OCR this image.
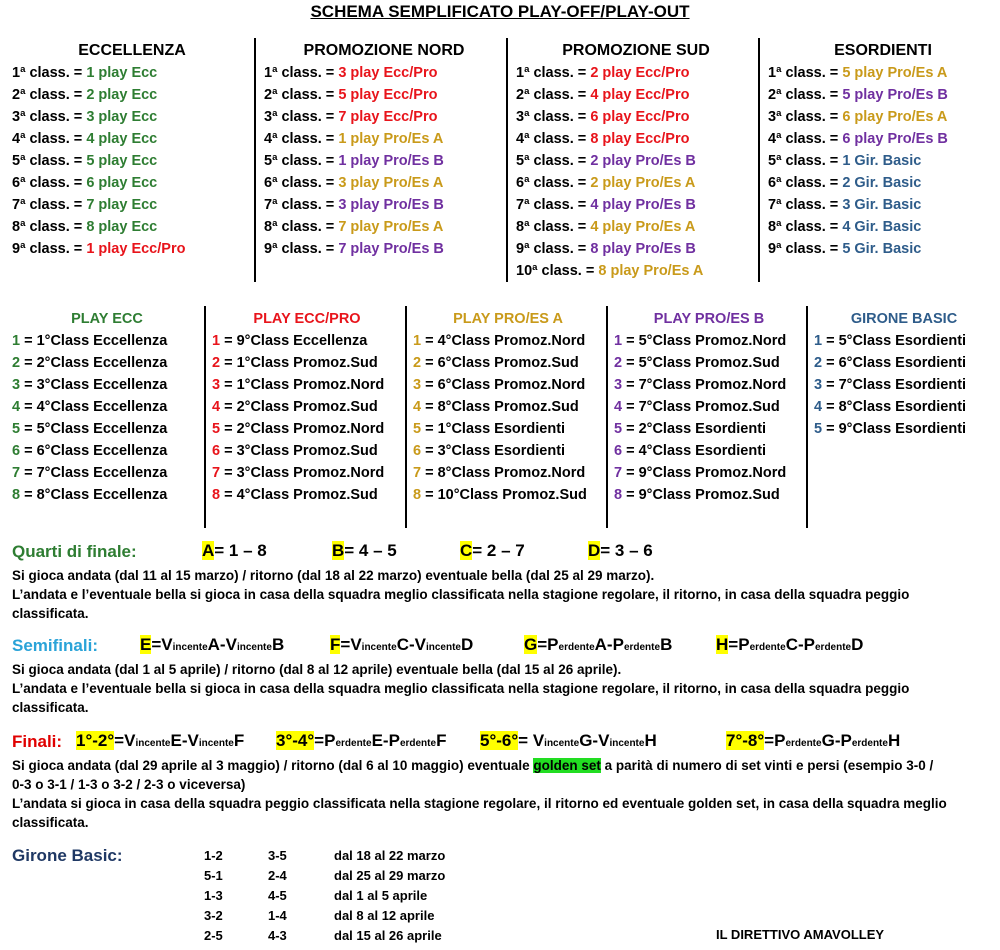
SCHEMA SEMPLIFICATO PLAY-OFF/PLAY-OUT
ECCELLENZA
1ª class. = 1 play Ecc
2ª class. = 2 play Ecc
3ª class. = 3 play Ecc
4ª class. = 4 play Ecc
5ª class. = 5 play Ecc
6ª class. = 6 play Ecc
7ª class. = 7 play Ecc
8ª class. = 8 play Ecc
9ª class. = 1 play Ecc/Pro
PROMOZIONE NORD
1ª class. = 3 play Ecc/Pro
2ª class. = 5 play Ecc/Pro
3ª class. = 7 play Ecc/Pro
4ª class. = 1 play Pro/Es A
5ª class. = 1 play Pro/Es B
6ª class. = 3 play Pro/Es A
7ª class. = 3 play Pro/Es B
8ª class. = 7 play Pro/Es A
9ª class. = 7 play Pro/Es B
PROMOZIONE SUD
1ª class. = 2 play Ecc/Pro
2ª class. = 4 play Ecc/Pro
3ª class. = 6 play Ecc/Pro
4ª class. = 8 play Ecc/Pro
5ª class. = 2 play Pro/Es B
6ª class. = 2 play Pro/Es A
7ª class. = 4 play Pro/Es B
8ª class. = 4 play Pro/Es A
9ª class. = 8 play Pro/Es B
10ª class. = 8 play Pro/Es A
ESORDIENTI
1ª class. = 5 play Pro/Es A
2ª class. = 5 play Pro/Es B
3ª class. = 6 play Pro/Es A
4ª class. = 6 play Pro/Es B
5ª class. = 1 Gir. Basic
6ª class. = 2 Gir. Basic
7ª class. = 3 Gir. Basic
8ª class. = 4 Gir. Basic
9ª class. = 5 Gir. Basic
PLAY ECC
1 = 1°Class Eccellenza
2 = 2°Class Eccellenza
3 = 3°Class Eccellenza
4 = 4°Class Eccellenza
5 = 5°Class Eccellenza
6 = 6°Class Eccellenza
7 = 7°Class Eccellenza
8 = 8°Class Eccellenza
PLAY ECC/PRO
1 = 9°Class Eccellenza
2 = 1°Class Promoz.Sud
3 = 1°Class Promoz.Nord
4 = 2°Class Promoz.Sud
5 = 2°Class Promoz.Nord
6 = 3°Class Promoz.Sud
7 = 3°Class Promoz.Nord
8 = 4°Class Promoz.Sud
PLAY PRO/ES A
1 = 4°Class Promoz.Nord
2 = 6°Class Promoz.Sud
3 = 6°Class Promoz.Nord
4 = 8°Class Promoz.Sud
5 = 1°Class Esordienti
6 = 3°Class Esordienti
7 = 8°Class Promoz.Nord
8 = 10°Class Promoz.Sud
PLAY PRO/ES B
1 = 5°Class Promoz.Nord
2 = 5°Class Promoz.Sud
3 = 7°Class Promoz.Nord
4 = 7°Class Promoz.Sud
5 = 2°Class Esordienti
6 = 4°Class Esordienti
7 = 9°Class Promoz.Nord
8 = 9°Class Promoz.Sud
GIRONE BASIC
1 = 5°Class Esordienti
2 = 6°Class Esordienti
3 = 7°Class Esordienti
4 = 8°Class Esordienti
5 = 9°Class Esordienti
Quarti di finale:	A= 1 – 8	B= 4 – 5	C= 2 – 7	D= 3 – 6
Si gioca andata (dal 11 al 15 marzo) / ritorno (dal 18 al 22 marzo) eventuale bella (dal 25 al 29 marzo).
L’andata e l’eventuale bella si gioca in casa della squadra meglio classificata nella stagione regolare, il ritorno, in casa della squadra peggio
classificata.
Semifinali: E=VincenteA-VincenteB	F=VincenteC-VincenteD	G=PerdenteA-PerdenteB	H=PerdenteC-PerdenteD
Si gioca andata (dal 1 al 5 aprile) / ritorno (dal 8 al 12 aprile) eventuale bella (dal 15 al 26 aprile).
L’andata e l’eventuale bella si gioca in casa della squadra meglio classificata nella stagione regolare, il ritorno, in casa della squadra peggio
classificata.
Finali: 1°-2°=VincenteE-VincenteF 3°-4°=PerdenteE-PerdenteF 5°-6°= VincenteG-VincenteH	7°-8°=PerdenteG-PerdenteH
Si gioca andata (dal 29 aprile al 3 maggio) / ritorno (dal 6 al 10 maggio) eventuale golden set a parità di numero di set vinti e persi (esempio 3-0 /
0-3 o 3-1 / 1-3 o 3-2 / 2-3 o viceversa)
L’andata si gioca in casa della squadra peggio classificata nella stagione regolare, il ritorno ed eventuale golden set, in casa della squadra meglio
classificata.
Girone Basic:	1-2	3-5	dal 18 al 22 marzo
5-1	2-4	dal 25 al 29 marzo
1-3	4-5	dal 1 al 5 aprile
3-2	1-4	dal 8 al 12 aprile
2-5	4-3	dal 15 al 26 aprile	IL DIRETTIVO AMAVOLLEY
